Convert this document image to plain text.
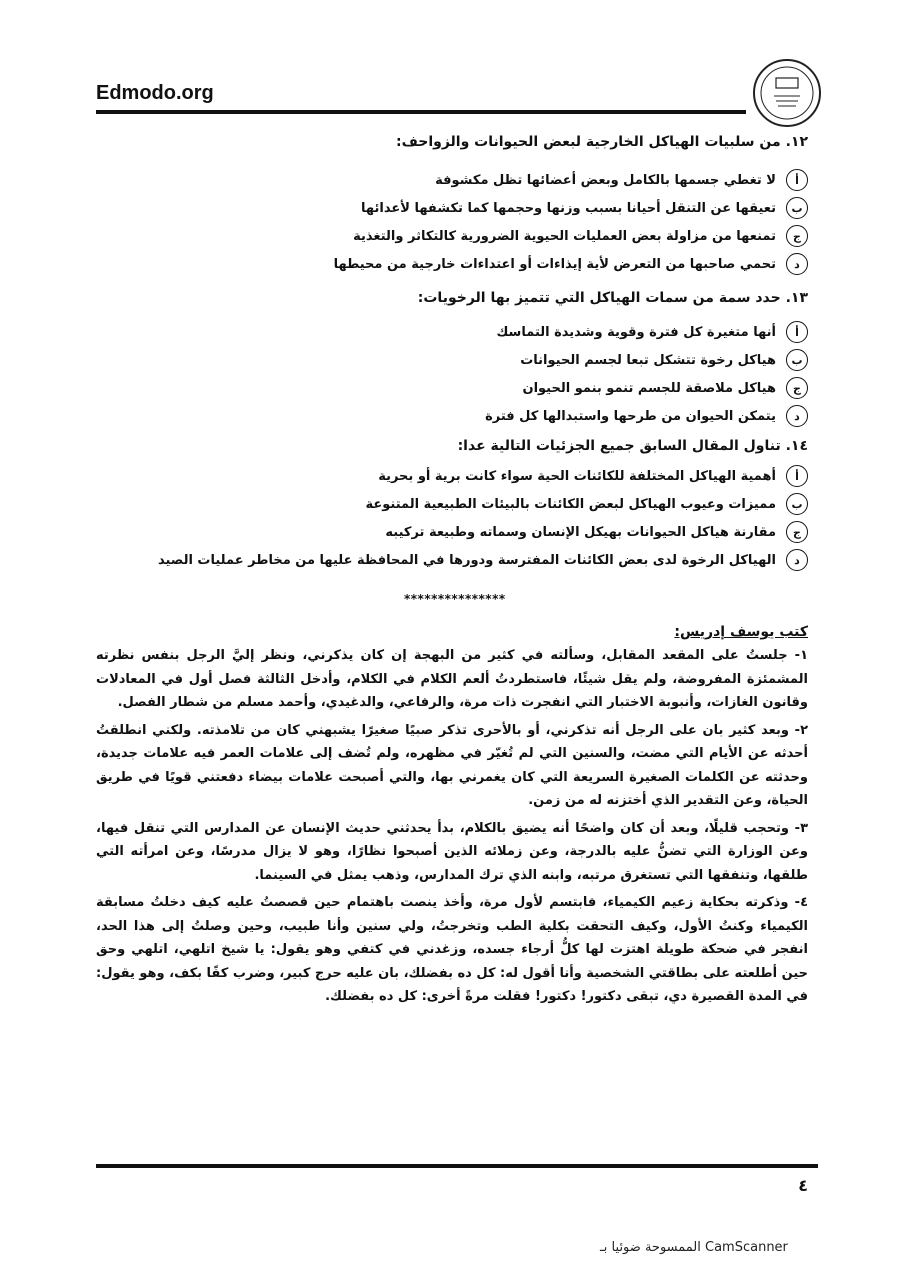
Edmodo.org
١٢. من سلبيات الهياكل الخارجية لبعض الحيوانات والزواحف:
أ
لا تغطي جسمها بالكامل وبعض أعضائها تظل مكشوفة
ب
تعيقها عن التنقل أحيانا بسبب وزنها وحجمها كما تكشفها لأعدائها
ج
تمنعها من مزاولة بعض العمليات الحيوية الضرورية كالتكاثر والتغذية
د
تحمي صاحبها من التعرض لأية إيذاءات أو اعتداءات خارجية من محيطها
١٣. حدد سمة من سمات الهياكل التي تتميز بها الرخويات:
أ
أنها متغيرة كل فترة وقوية وشديدة التماسك
ب
هياكل رخوة تتشكل تبعا لجسم الحيوانات
ج
هياكل ملاصقة للجسم تنمو بنمو الحيوان
د
يتمكن الحيوان من طرحها واستبدالها كل فترة
١٤. تناول المقال السابق جميع الجزئيات التالية عدا:
أ
أهمية الهياكل المختلفة للكائنات الحية سواء كانت برية أو بحرية
ب
مميزات وعيوب الهياكل لبعض الكائنات بالبيئات الطبيعية المتنوعة
ج
مقارنة هياكل الحيوانات بهيكل الإنسان وسماته وطبيعة تركيبه
د
الهياكل الرخوة لدى بعض الكائنات المفترسة ودورها في المحافظة عليها من مخاطر عمليات الصيد
***************
كتب يوسف إدريس:

١- جلستُ على المقعد المقابل، وسألته في كثير من البهجة إن كان يذكرني، ونظر إليَّ الرجل بنفس نظرته المشمئزة المفروضة، ولم يقل شيئًا، فاستطردتُ ألعم الكلام في الكلام، وأدخل الثالثة فصل أول في المعادلات وقانون الغازات، وأنبوبة الاختبار التي انفجرت ذات مرة، والرفاعي، والدغيدي، وأحمد مسلم من شطار الفصل.

٢- وبعد كثير بان على الرجل أنه تذكرني، أو بالأحرى تذكر صبيًا صغيرًا يشبهني كان من تلامذته. ولكني انطلقتُ أحدثه عن الأيام التي مضت، والسنين التي لم تُغيّر في مظهره، ولم تُضف إلى علامات العمر فيه علامات جديدة، وحدثته عن الكلمات الصغيرة السريعة التي كان يغمرني بها، والتي أصبحت علامات بيضاء دفعتني قويًا في طريق الحياة، وعن التقدير الذي أختزنه له من زمن.

٣- وتحجب قليلًا، وبعد أن كان واضحًا أنه يضيق بالكلام، بدأ يحدثني حديث الإنسان عن المدارس التي تنقل فيها، وعن الوزارة التي تضنُّ عليه بالدرجة، وعن زملائه الذين أصبحوا نظارًا، وهو لا يزال مدرسًا، وعن امرأته التي طلقها، وتنفقها التي تستغرق مرتبه، وابنه الذي ترك المدارس، وذهب يمثل في السينما.

٤- وذكرته بحكاية زعيم الكيمياء، فابتسم لأول مرة، وأخذ ينصت باهتمام حين قصصتُ عليه كيف دخلتُ مسابقة الكيمياء وكنتُ الأول، وكيف التحقت بكلية الطب وتخرجتُ، ولي سنين وأنا طبيب، وحين وصلتُ إلى هذا الحد، انفجر في ضحكة طويلة اهتزت لها كلُّ أرجاء جسده، وزغدني في كتفي وهو يقول: يا شيخ اتلهي، اتلهي وحق حين أطلعته على بطاقتي الشخصية وأنا أقول له: كل ده بفضلك، بان عليه حرج كبير، وضرب كفًا بكف، وهو يقول: في المدة القصيرة دي، تبقى دكتور! دكتور! فقلت مرةً أخرى: كل ده بفضلك.

٤
الممسوحة ضوئيا بـ CamScanner
